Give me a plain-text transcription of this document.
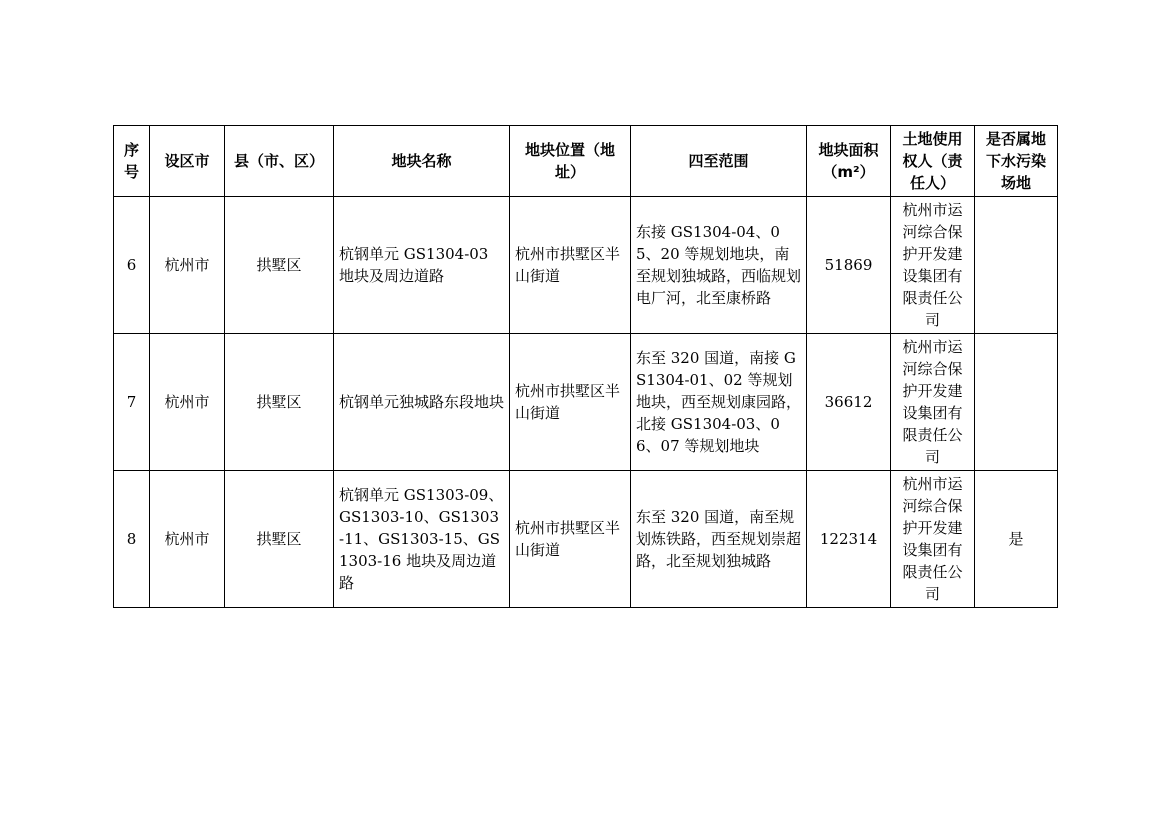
序号	设区市	县（市、区）	地块名称	地块位置（地址）	四至范围	地块面积（m²）	土地使用权人（责任人）	是否属地下水污染场地
6	杭州市	拱墅区	杭钢单元 GS1304-03 地块及周边道路	杭州市拱墅区半山街道	东接 GS1304-04、05、20 等规划地块，南至规划独城路，西临规划电厂河，北至康桥路	51869	杭州市运河综合保护开发建设集团有限责任公司	
7	杭州市	拱墅区	杭钢单元独城路东段地块	杭州市拱墅区半山街道	东至 320 国道，南接 GS1304-01、02 等规划地块，西至规划康园路，北接 GS1304-03、06、07 等规划地块	36612	杭州市运河综合保护开发建设集团有限责任公司	
8	杭州市	拱墅区	杭钢单元 GS1303-09、GS1303-10、GS1303-11、GS1303-15、GS1303-16 地块及周边道路	杭州市拱墅区半山街道	东至 320 国道，南至规划炼铁路，西至规划崇超路，北至规划独城路	122314	杭州市运河综合保护开发建设集团有限责任公司	是
